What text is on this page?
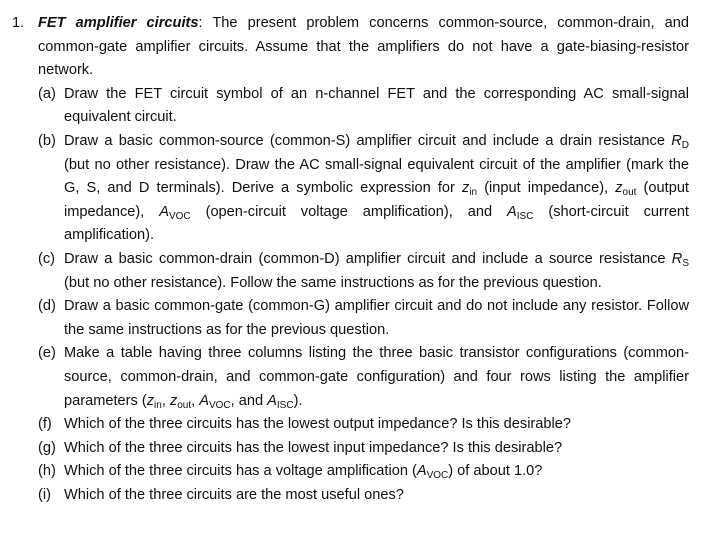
1. FET amplifier circuits: The present problem concerns common-source, common-drain, and common-gate amplifier circuits. Assume that the amplifiers do not have a gate-biasing-resistor network.
(a) Draw the FET circuit symbol of an n-channel FET and the corresponding AC small-signal equivalent circuit.
(b) Draw a basic common-source (common-S) amplifier circuit and include a drain resistance $R_D$ (but no other resistance). Draw the AC small-signal equivalent circuit of the amplifier (mark the G, S, and D terminals). Derive a symbolic expression for $z_{in}$ (input impedance), $z_{out}$ (output impedance), $A_{VOC}$ (open-circuit voltage amplification), and $A_{ISC}$ (short-circuit current amplification).
(c) Draw a basic common-drain (common-D) amplifier circuit and include a source resistance $R_S$ (but no other resistance). Follow the same instructions as for the previous question.
(d) Draw a basic common-gate (common-G) amplifier circuit and do not include any resistor. Follow the same instructions as for the previous question.
(e) Make a table having three columns listing the three basic transistor configurations (common-source, common-drain, and common-gate configuration) and four rows listing the amplifier parameters ($z_{in}$, $z_{out}$, $A_{VOC}$, and $A_{ISC}$).
(f) Which of the three circuits has the lowest output impedance? Is this desirable?
(g) Which of the three circuits has the lowest input impedance? Is this desirable?
(h) Which of the three circuits has a voltage amplification $(A_{VOC})$ of about 1.0?
(i) Which of the three circuits are the most useful ones?
